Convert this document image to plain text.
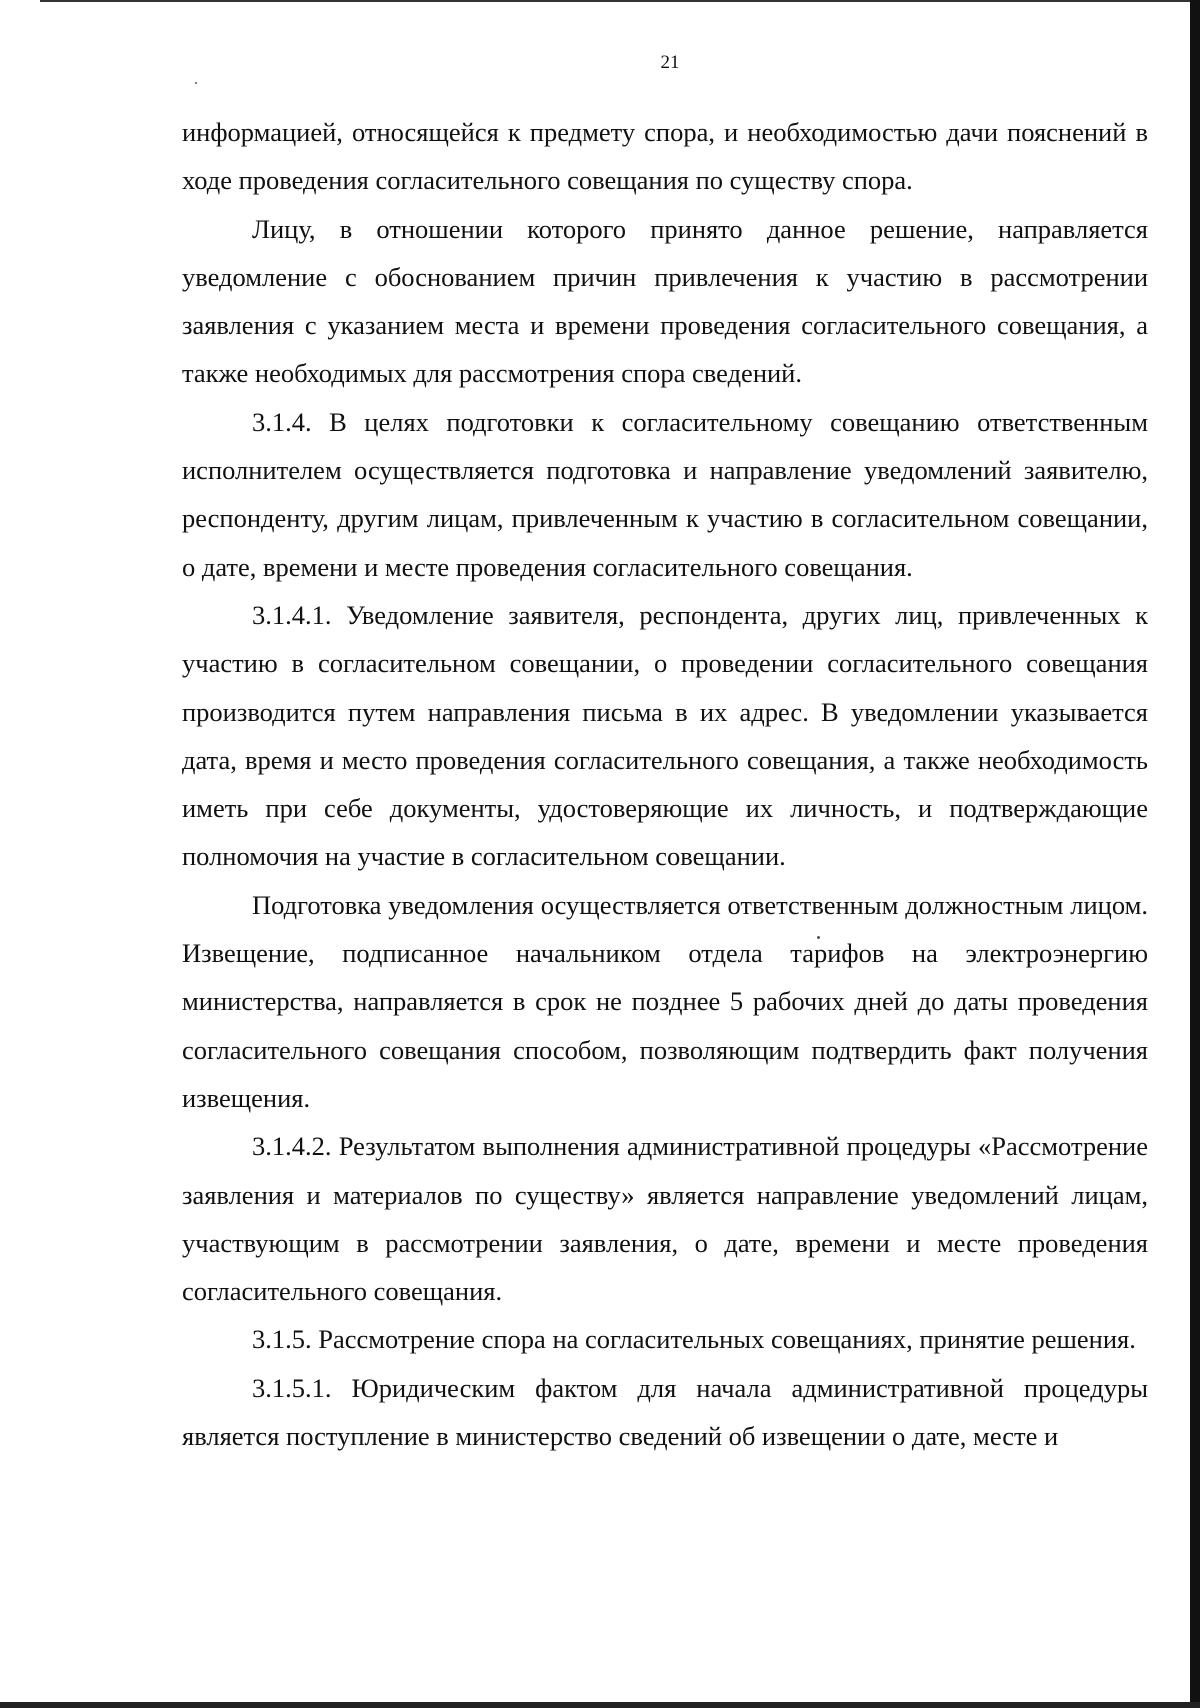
21

информацией, относящейся к предмету спора, и необходимостью дачи пояснений в ходе проведения согласительного совещания по существу спора.

Лицу, в отношении которого принято данное решение, направляется уведомление с обоснованием причин привлечения к участию в рассмотрении заявления с указанием места и времени проведения согласительного совещания, а также необходимых для рассмотрения спора сведений.

3.1.4. В целях подготовки к согласительному совещанию ответственным исполнителем осуществляется подготовка и направление уведомлений заявителю, респонденту, другим лицам, привлеченным к участию в согласительном совещании, о дате, времени и месте проведения согласительного совещания.

3.1.4.1. Уведомление заявителя, респондента, других лиц, привлеченных к участию в согласительном совещании, о проведении согласительного совещания производится путем направления письма в их адрес. В уведомлении указывается дата, время и место проведения согласительного совещания, а также необходимость иметь при себе документы, удостоверяющие их личность, и подтверждающие полномочия на участие в согласительном совещании.

Подготовка уведомления осуществляется ответственным должностным лицом. Извещение, подписанное начальником отдела тарифов на электроэнергию министерства, направляется в срок не позднее 5 рабочих дней до даты проведения согласительного совещания способом, позволяющим подтвердить факт получения извещения.

3.1.4.2. Результатом выполнения административной процедуры «Рассмотрение заявления и материалов по существу» является направление уведомлений лицам, участвующим в рассмотрении заявления, о дате, времени и месте проведения согласительного совещания.

3.1.5. Рассмотрение спора на согласительных совещаниях, принятие решения.

3.1.5.1. Юридическим фактом для начала административной процедуры является поступление в министерство сведений об извещении о дате, месте и
